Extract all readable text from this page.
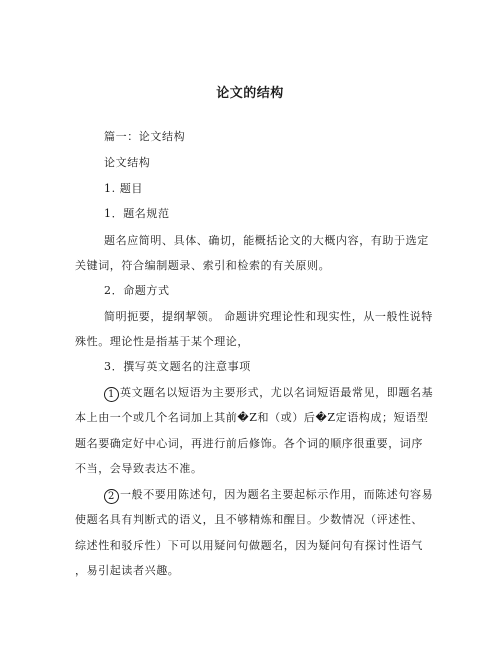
论文的结构
篇一：论文结构
论文结构
1. 题目
1．题名规范
题名应简明、具体、确切，能概括论文的大概内容，有助于选定
关键词，符合编制题录、索引和检索的有关原则。
2．命题方式
简明扼要，提纲挈领。 命题讲究理论性和现实性，从一般性说特
殊性。理论性是指基于某个理论，
3．撰写英文题名的注意事项
1 英文题名以短语为主要形式，尤以名词短语最常见，即题名基
本上由一个或几个名词加上其前�Z和（或）后�Z定语构成；短语型
题名要确定好中心词，再进行前后修饰。各个词的顺序很重要，词序
不当，会导致表达不准。
2 一般不要用陈述句，因为题名主要起标示作用，而陈述句容易
使题名具有判断式的语义，且不够精炼和醒目。少数情况（评述性、
综述性和驳斥性）下可以用疑问句做题名，因为疑问句有探讨性语气
，易引起读者兴趣。
